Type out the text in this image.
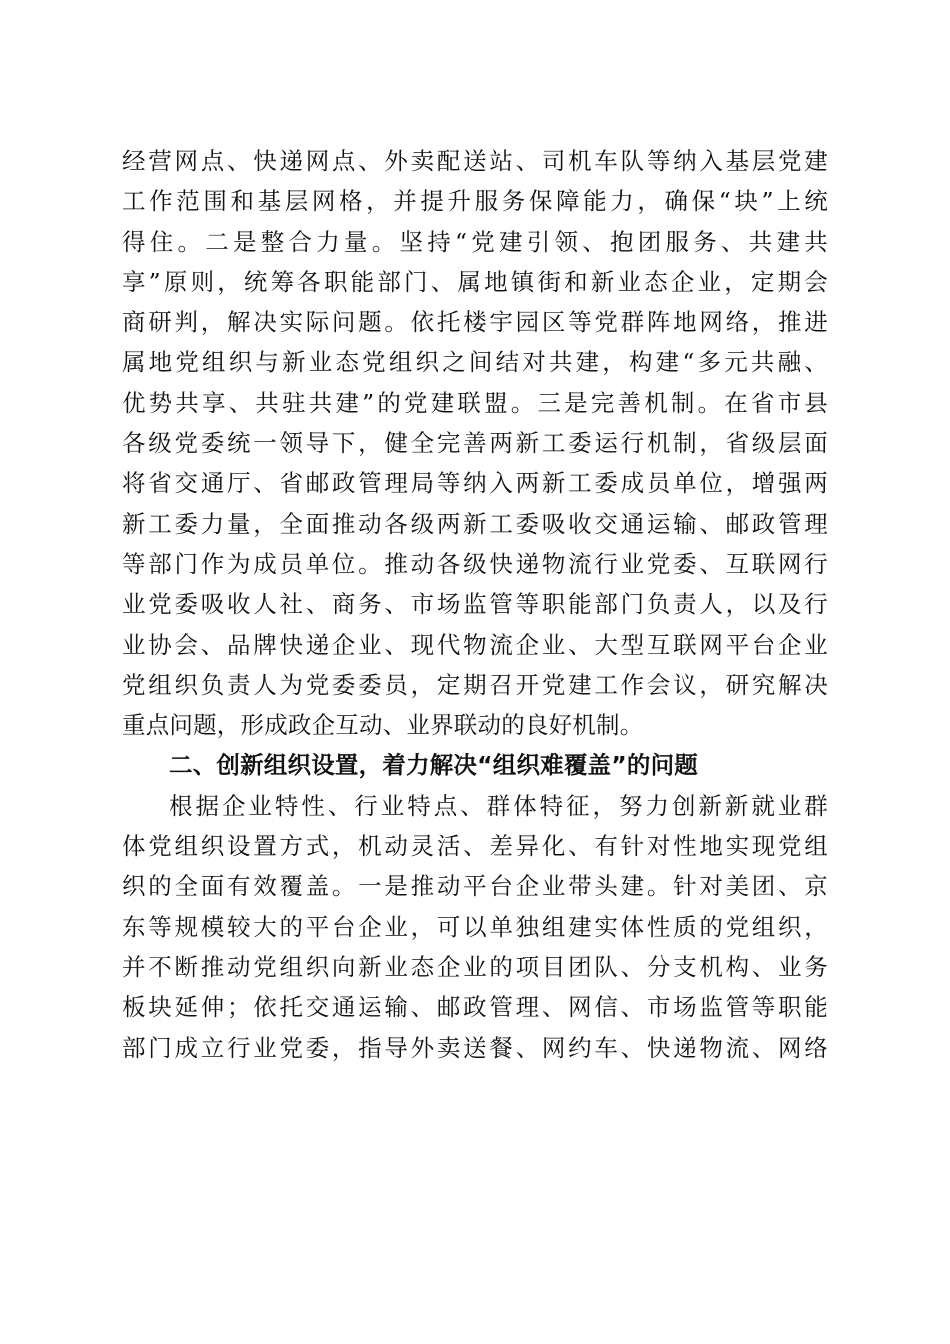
经营网点、快递网点、外卖配送站、司机车队等纳入基层党建
工作范围和基层网格，并提升服务保障能力，确保“块”上统
得住。二是整合力量。坚持“党建引领、抱团服务、共建共
享”原则，统筹各职能部门、属地镇街和新业态企业，定期会
商研判，解决实际问题。依托楼宇园区等党群阵地网络，推进
属地党组织与新业态党组织之间结对共建，构建“多元共融、
优势共享、共驻共建”的党建联盟。三是完善机制。在省市县
各级党委统一领导下，健全完善两新工委运行机制，省级层面
将省交通厅、省邮政管理局等纳入两新工委成员单位，增强两
新工委力量，全面推动各级两新工委吸收交通运输、邮政管理
等部门作为成员单位。推动各级快递物流行业党委、互联网行
业党委吸收人社、商务、市场监管等职能部门负责人，以及行
业协会、品牌快递企业、现代物流企业、大型互联网平台企业
党组织负责人为党委委员，定期召开党建工作会议，研究解决
重点问题，形成政企互动、业界联动的良好机制。
二、创新组织设置，着力解决“组织难覆盖”的问题
根据企业特性、行业特点、群体特征，努力创新新就业群
体党组织设置方式，机动灵活、差异化、有针对性地实现党组
织的全面有效覆盖。一是推动平台企业带头建。针对美团、京
东等规模较大的平台企业，可以单独组建实体性质的党组织，
并不断推动党组织向新业态企业的项目团队、分支机构、业务
板块延伸；依托交通运输、邮政管理、网信、市场监管等职能
部门成立行业党委，指导外卖送餐、网约车、快递物流、网络
